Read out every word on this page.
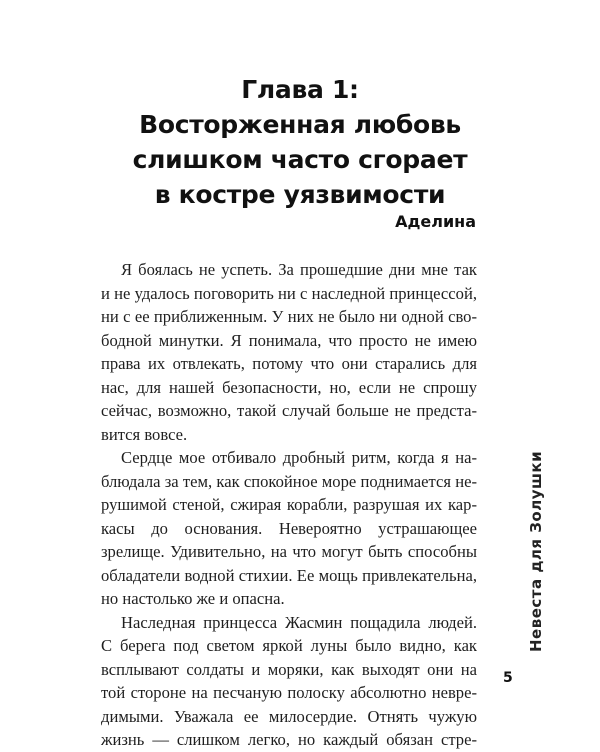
Глава 1:
Восторженная любовь
слишком часто сгорает
в костре уязвимости
Аделина
Я боялась не успеть. За прошедшие дни мне так
и не удалось поговорить ни с наследной принцессой,
ни с ее приближенным. У них не было ни одной сво-
бодной минутки. Я понимала, что просто не имею
права их отвлекать, потому что они старались для
нас, для нашей безопасности, но, если не спрошу
сейчас, возможно, такой случай больше не предста-
вится вовсе.
Сердце мое отбивало дробный ритм, когда я на-
блюдала за тем, как спокойное море поднимается не-
рушимой стеной, сжирая корабли, разрушая их кар-
касы до основания. Невероятно устрашающее
зрелище. Удивительно, на что могут быть способны
обладатели водной стихии. Ее мощь привлекательна,
но настолько же и опасна.
Наследная принцесса Жасмин пощадила людей.
С берега под светом яркой луны было видно, как
всплывают солдаты и моряки, как выходят они на
той стороне на песчаную полоску абсолютно невре-
димыми. Уважала ее милосердие. Отнять чужую
жизнь — слишком легко, но каждый обязан стре-
Невеста для Золушки
5
